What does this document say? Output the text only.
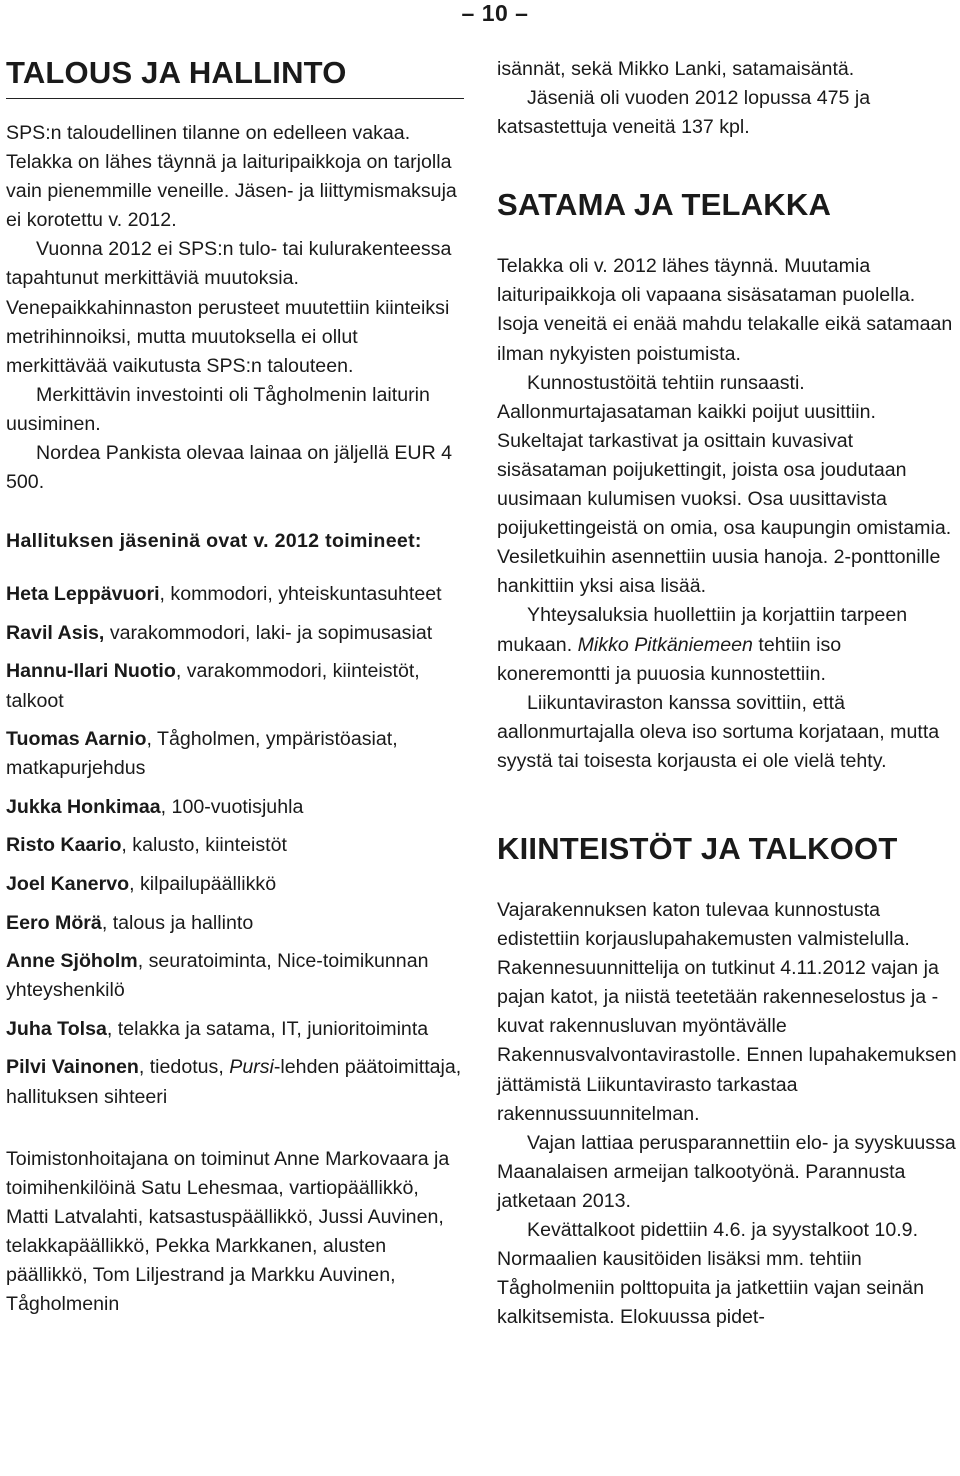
– 10 –
TALOUS JA HALLINTO

SPS:n taloudellinen tilanne on edelleen vakaa. Telakka on lähes täynnä ja laituripaikkoja on tarjolla vain pienemmille veneille. Jäsen- ja liittymismaksuja ei korotettu v. 2012.

Vuonna 2012 ei SPS:n tulo- tai kulurakenteessa tapahtunut merkittäviä muutoksia. Venepaikkahinnaston perusteet muutettiin kiinteiksi metrihinnoiksi, mutta muutoksella ei ollut merkittävää vaikutusta SPS:n talouteen.

Merkittävin investointi oli Tågholmenin laiturin uusiminen.

Nordea Pankista olevaa lainaa on jäljellä EUR 4 500.

Hallituksen jäseninä ovat v. 2012 toimineet:
Heta Leppävuori, kommodori, yhteiskuntasuhteet
Ravil Asis, varakommodori, laki- ja sopimusasiat
Hannu-Ilari Nuotio, varakommodori, kiinteistöt, talkoot
Tuomas Aarnio, Tågholmen, ympäristöasiat, matkapurjehdus
Jukka Honkimaa, 100-vuotisjuhla
Risto Kaario, kalusto, kiinteistöt
Joel Kanervo, kilpailupäällikkö
Eero Mörä, talous ja hallinto
Anne Sjöholm, seuratoiminta, Nice-toimikunnan yhteyshenkilö
Juha Tolsa, telakka ja satama, IT, junioritoiminta
Pilvi Vainonen, tiedotus, Pursi-lehden päätoimittaja, hallituksen sihteeri

Toimistonhoitajana on toiminut Anne Markovaara ja toimihenkilöinä Satu Lehesmaa, vartiopäällikkö, Matti Latvalahti, katsastuspäällikkö, Jussi Auvinen, telakkapäällikkö, Pekka Markkanen, alusten päällikkö, Tom Liljestrand ja Markku Auvinen, Tågholmenin

isännät, sekä Mikko Lanki, satamaisäntä.

Jäseniä oli vuoden 2012 lopussa 475 ja katsastettuja veneitä 137 kpl.

SATAMA JA TELAKKA

Telakka oli v. 2012 lähes täynnä. Muutamia laituripaikkoja oli vapaana sisäsataman puolella. Isoja veneitä ei enää mahdu telakalle eikä satamaan ilman nykyisten poistumista.

Kunnostustöitä tehtiin runsaasti. Aallonmurtajasataman kaikki poijut uusittiin. Sukeltajat tarkastivat ja osittain kuvasivat sisäsataman poijukettingit, joista osa joudutaan uusimaan kulumisen vuoksi. Osa uusittavista poijukettingeistä on omia, osa kaupungin omistamia. Vesiletkuihin asennettiin uusia hanoja. 2-ponttonille hankittiin yksi aisa lisää.

Yhteysaluksia huollettiin ja korjattiin tarpeen mukaan. Mikko Pitkäniemeen tehtiin iso koneremontti ja puuosia kunnostettiin.

Liikuntaviraston kanssa sovittiin, että aallonmurtajalla oleva iso sortuma korjataan, mutta syystä tai toisesta korjausta ei ole vielä tehty.

KIINTEISTÖT JA TALKOOT

Vajarakennuksen katon tulevaa kunnostusta edistettiin korjauslupahakemusten valmistelulla. Rakennesuunnittelija on tutkinut 4.11.2012 vajan ja pajan katot, ja niistä teetetään rakenneselostus ja -kuvat rakennusluvan myöntävälle Rakennusvalvontavirastolle. Ennen lupahakemuksen jättämistä Liikuntavirasto tarkastaa rakennussuunnitelman.

Vajan lattiaa perusparannettiin elo- ja syyskuussa Maanalaisen armeijan talkootyönä. Parannusta jatketaan 2013.

Kevättalkoot pidettiin 4.6. ja syystalkoot 10.9. Normaalien kausitöiden lisäksi mm. tehtiin Tågholmeniin polttopuita ja jatkettiin vajan seinän kalkitsemista. Elokuussa pidet-
